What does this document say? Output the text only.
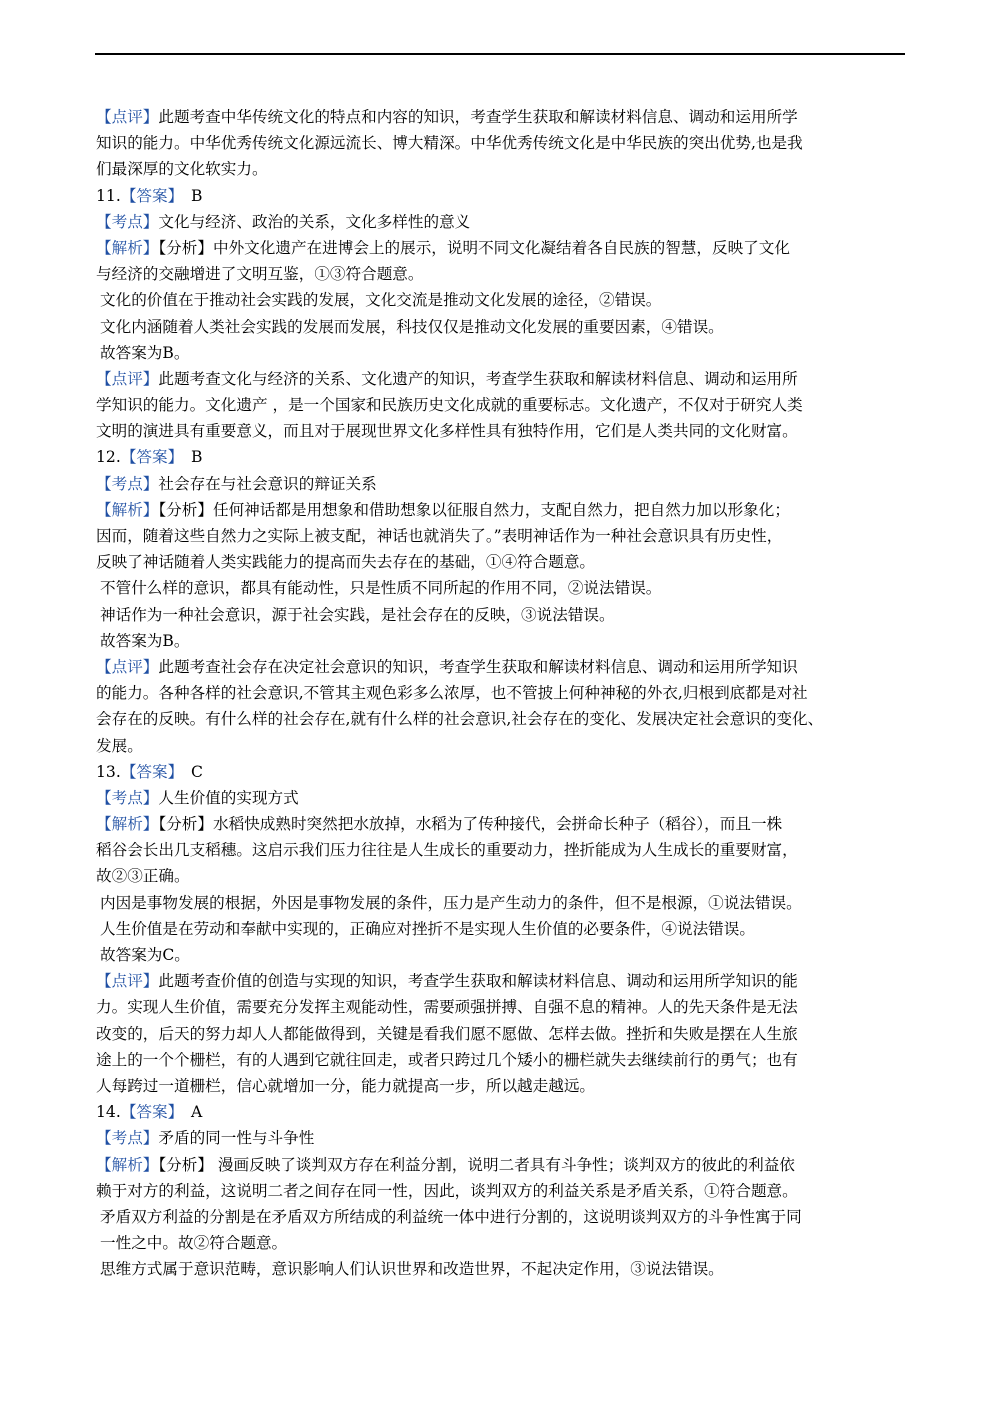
【点评】此题考查中华传统文化的特点和内容的知识，考查学生获取和解读材料信息、调动和运用所学
知识的能力。中华优秀传统文化源远流长、博大精深。中华优秀传统文化是中华民族的突出优势,也是我
们最深厚的文化软实力。
11.【答案】  B
【考点】文化与经济、政治的关系，文化多样性的意义
【解析】【分析】中外文化遗产在进博会上的展示，说明不同文化凝结着各自民族的智慧，反映了文化
与经济的交融增进了文明互鉴，①③符合题意。
文化的价值在于推动社会实践的发展，文化交流是推动文化发展的途径，②错误。
文化内涵随着人类社会实践的发展而发展，科技仅仅是推动文化发展的重要因素，④错误。
故答案为B。
【点评】此题考查文化与经济的关系、文化遗产的知识，考查学生获取和解读材料信息、调动和运用所
学知识的能力。文化遗产 ，是一个国家和民族历史文化成就的重要标志。文化遗产，不仅对于研究人类
文明的演进具有重要意义，而且对于展现世界文化多样性具有独特作用，它们是人类共同的文化财富。
12.【答案】  B
【考点】社会存在与社会意识的辩证关系
【解析】【分析】任何神话都是用想象和借助想象以征服自然力，支配自然力，把自然力加以形象化；
因而，随着这些自然力之实际上被支配，神话也就消失了。”表明神话作为一种社会意识具有历史性，
反映了神话随着人类实践能力的提高而失去存在的基础，①④符合题意。
不管什么样的意识，都具有能动性，只是性质不同所起的作用不同，②说法错误。
神话作为一种社会意识，源于社会实践，是社会存在的反映，③说法错误。
故答案为B。
【点评】此题考查社会存在决定社会意识的知识，考查学生获取和解读材料信息、调动和运用所学知识
的能力。各种各样的社会意识,不管其主观色彩多么浓厚，也不管披上何种神秘的外衣,归根到底都是对社
会存在的反映。有什么样的社会存在,就有什么样的社会意识,社会存在的变化、发展决定社会意识的变化、
发展。
13.【答案】  C
【考点】人生价值的实现方式
【解析】【分析】水稻快成熟时突然把水放掉，水稻为了传种接代，会拼命长种子（稻谷），而且一株
稻谷会长出几支稻穗。这启示我们压力往往是人生成长的重要动力，挫折能成为人生成长的重要财富，
故②③正确。
内因是事物发展的根据，外因是事物发展的条件，压力是产生动力的条件，但不是根源，①说法错误。
人生价值是在劳动和奉献中实现的，正确应对挫折不是实现人生价值的必要条件，④说法错误。
故答案为C。
【点评】此题考查价值的创造与实现的知识，考查学生获取和解读材料信息、调动和运用所学知识的能
力。实现人生价值，需要充分发挥主观能动性，需要顽强拼搏、自强不息的精神。人的先天条件是无法
改变的，后天的努力却人人都能做得到，关键是看我们愿不愿做、怎样去做。挫折和失败是摆在人生旅
途上的一个个栅栏，有的人遇到它就往回走，或者只跨过几个矮小的栅栏就失去继续前行的勇气；也有
人每跨过一道栅栏，信心就增加一分，能力就提高一步，所以越走越远。
14.【答案】  A
【考点】矛盾的同一性与斗争性
【解析】【分析】 漫画反映了谈判双方存在利益分割，说明二者具有斗争性；谈判双方的彼此的利益依
赖于对方的利益，这说明二者之间存在同一性，因此，谈判双方的利益关系是矛盾关系，①符合题意。
矛盾双方利益的分割是在矛盾双方所结成的利益统一体中进行分割的，这说明谈判双方的斗争性寓于同
一性之中。故②符合题意。
思维方式属于意识范畴，意识影响人们认识世界和改造世界，不起决定作用，③说法错误。
